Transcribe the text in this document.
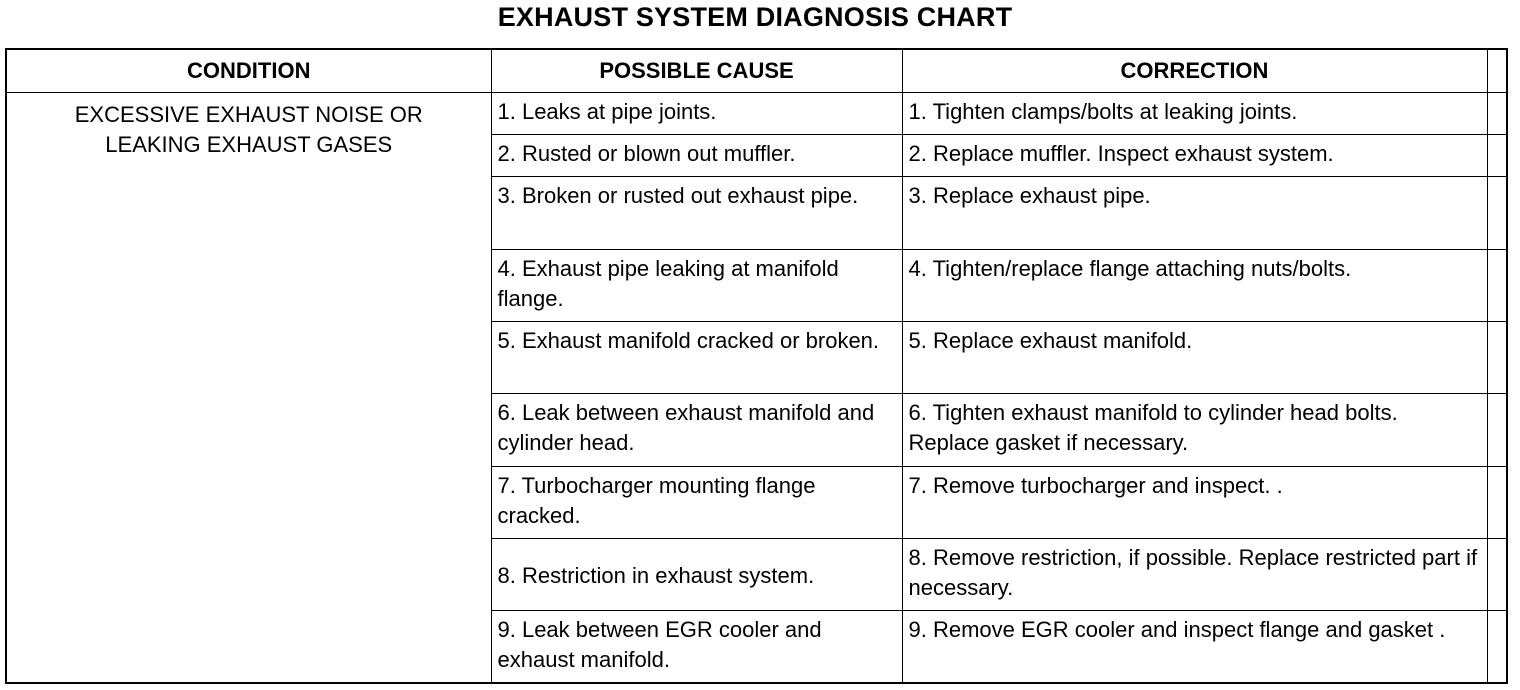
EXHAUST SYSTEM DIAGNOSIS CHART
CONDITION	POSSIBLE CAUSE	CORRECTION	

EXCESSIVE EXHAUST NOISE OR
LEAKING EXHAUST GASES	1. Leaks at pipe joints.	1. Tighten clamps/bolts at leaking joints.	
	2. Rusted or blown out muffler.	2. Replace muffler. Inspect exhaust system.	
	3. Broken or rusted out exhaust pipe.	3. Replace exhaust pipe.	
	4. Exhaust pipe leaking at manifold flange.	4. Tighten/replace flange attaching nuts/bolts.	
	5. Exhaust manifold cracked or broken.	5. Replace exhaust manifold.	
	6. Leak between exhaust manifold and cylinder head.	6. Tighten exhaust manifold to cylinder head bolts. Replace gasket if necessary.	
	7. Turbocharger mounting flange cracked.	7. Remove turbocharger and inspect. .	
	8. Restriction in exhaust system.	8. Remove restriction, if possible. Replace restricted part if necessary.	
	9. Leak between EGR cooler and exhaust manifold.	9. Remove EGR cooler and inspect flange and gasket .	
